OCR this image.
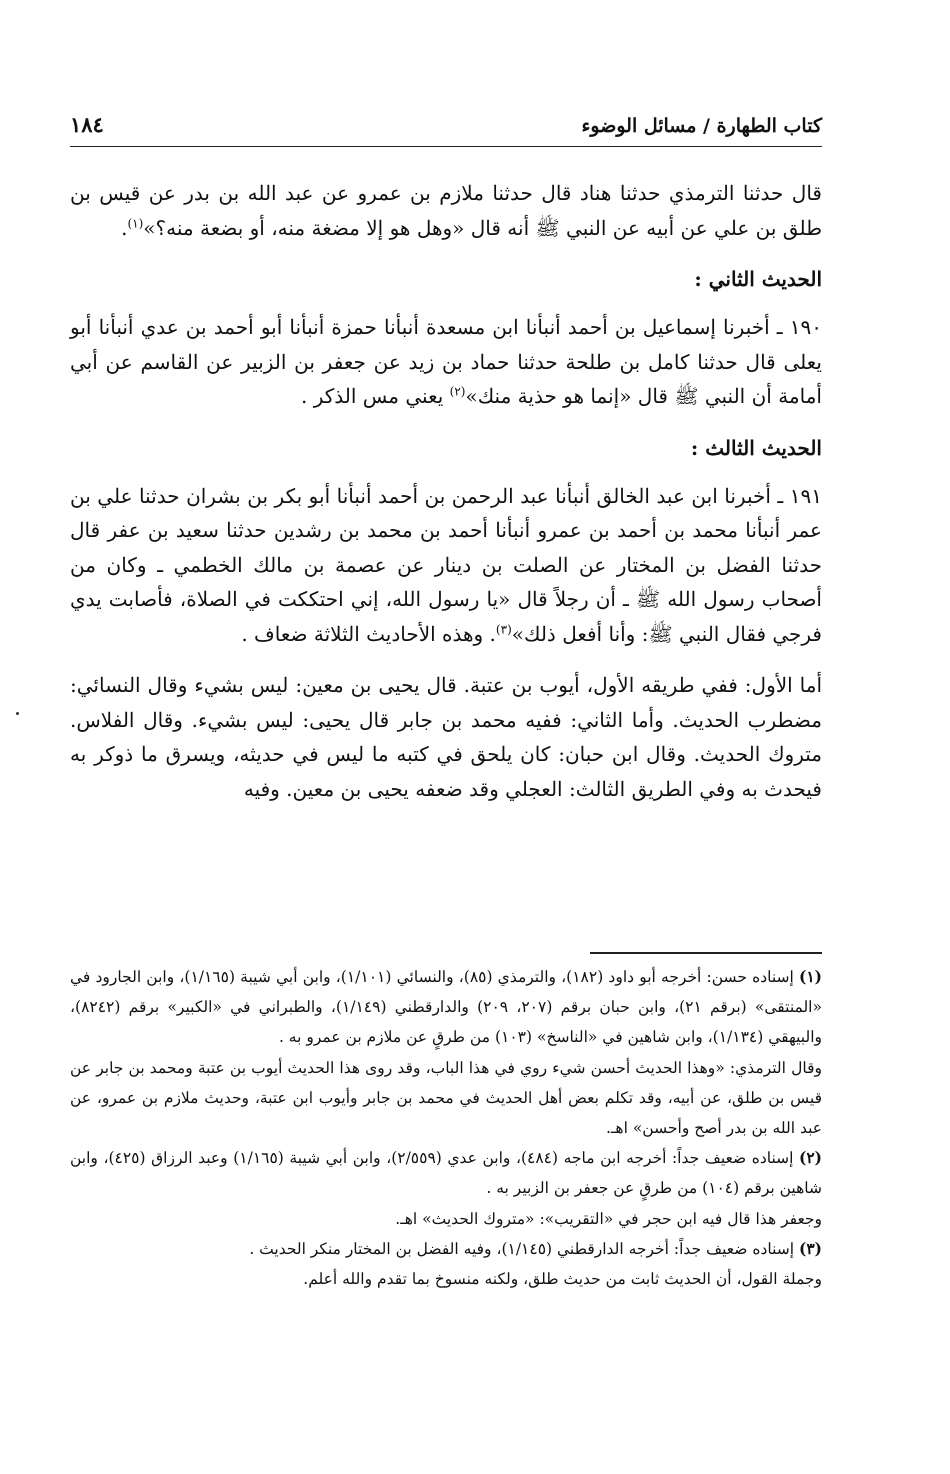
كتاب الطهارة / مسائل الوضوء
١٨٤

قال حدثنا الترمذي حدثنا هناد قال حدثنا ملازم بن عمرو عن عبد الله بن بدر عن قيس بن طلق بن علي عن أبيه عن النبي ﷺ أنه قال «وهل هو إلا مضغة منه، أو بضعة منه؟»$^{(١)}$.

الحديث الثاني :

١٩٠ ـ أخبرنا إسماعيل بن أحمد أنبأنا ابن مسعدة أنبأنا حمزة أنبأنا أبو أحمد بن عدي أنبأنا أبو يعلى قال حدثنا كامل بن طلحة حدثنا حماد بن زيد عن جعفر بن الزبير عن القاسم عن أبي أمامة أن النبي ﷺ قال «إنما هو حذية منك»$^{(٢)}$ يعني مس الذكر .

الحديث الثالث :

١٩١ ـ أخبرنا ابن عبد الخالق أنبأنا عبد الرحمن بن أحمد أنبأنا أبو بكر بن بشران حدثنا علي بن عمر أنبأنا محمد بن أحمد بن عمرو أنبأنا أحمد بن محمد بن رشدين حدثنا سعيد بن عفر قال حدثنا الفضل بن المختار عن الصلت بن دينار عن عصمة بن مالك الخطمي ـ وكان من أصحاب رسول الله ﷺ ـ أن رجلاً قال «يا رسول الله، إني احتككت في الصلاة، فأصابت يدي فرجي فقال النبي ﷺ: وأنا أفعل ذلك»$^{(٣)}$. وهذه الأحاديث الثلاثة ضعاف .

أما الأول: ففي طريقه الأول، أيوب بن عتبة. قال يحيى بن معين: ليس بشيء وقال النسائي: مضطرب الحديث. وأما الثاني: ففيه محمد بن جابر قال يحيى: ليس بشيء. وقال الفلاس. متروك الحديث. وقال ابن حبان: كان يلحق في كتبه ما ليس في حديثه، ويسرق ما ذوكر به فيحدث به وفي الطريق الثالث: العجلي وقد ضعفه يحيى بن معين. وفيه

(١) إسناده حسن: أخرجه أبو داود (١٨٢)، والترمذي (٨٥)، والنسائي (١/١٠١)، وابن أبي شيبة (١/١٦٥)، وابن الجارود في «المنتقى» (برقم ٢١)، وابن حبان برقم (٢٠٧، ٢٠٩) والدارقطني (١/١٤٩)، والطبراني في «الكبير» برقم (٨٢٤٢)، والبيهقي (١/١٣٤)، وابن شاهين في «الناسخ» (١٠٣) من طرقٍ عن ملازم بن عمرو به .

وقال الترمذي: «وهذا الحديث أحسن شيء روي في هذا الباب، وقد روى هذا الحديث أيوب بن عتبة ومحمد بن جابر عن قيس بن طلق، عن أبيه، وقد تكلم بعض أهل الحديث في محمد بن جابر وأيوب ابن عتبة، وحديث ملازم بن عمرو، عن عبد الله بن بدر أصح وأحسن» اهـ.

(٢) إسناده ضعيف جداً: أخرجه ابن ماجه (٤٨٤)، وابن عدي (٢/٥٥٩)، وابن أبي شيبة (١/١٦٥) وعبد الرزاق (٤٢٥)، وابن شاهين برقم (١٠٤) من طرقٍ عن جعفر بن الزبير به .

وجعفر هذا قال فيه ابن حجر في «التقريب»: «متروك الحديث» اهـ.

(٣) إسناده ضعيف جداً: أخرجه الدارقطني (١/١٤٥)، وفيه الفضل بن المختار منكر الحديث .

وجملة القول، أن الحديث ثابت من حديث طلق، ولكنه منسوخ بما تقدم والله أعلم.
